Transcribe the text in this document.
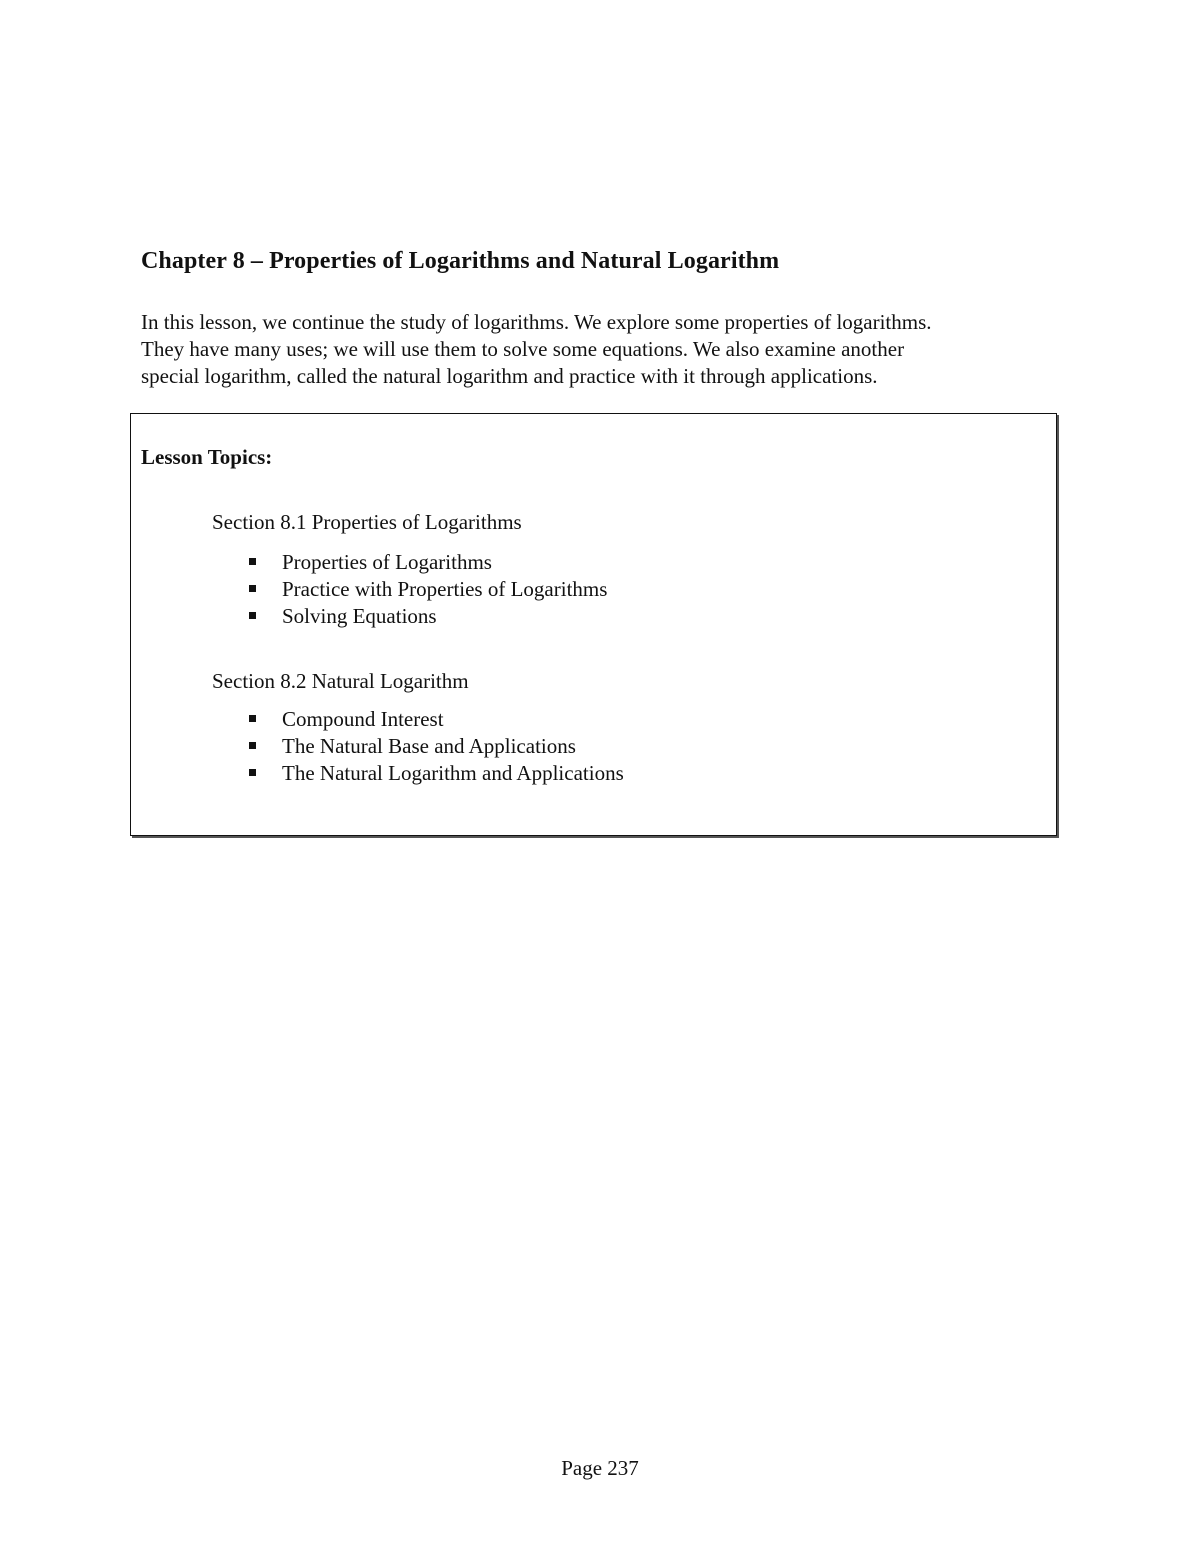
Chapter 8 – Properties of Logarithms and Natural Logarithm

In this lesson, we continue the study of logarithms. We explore some properties of logarithms.
They have many uses; we will use them to solve some equations. We also examine another
special logarithm, called the natural logarithm and practice with it through applications.

Lesson Topics:

Section 8.1 Properties of Logarithms

Properties of Logarithms
Practice with Properties of Logarithms
Solving Equations

Section 8.2 Natural Logarithm

Compound Interest
The Natural Base and Applications
The Natural Logarithm and Applications

Page 237
